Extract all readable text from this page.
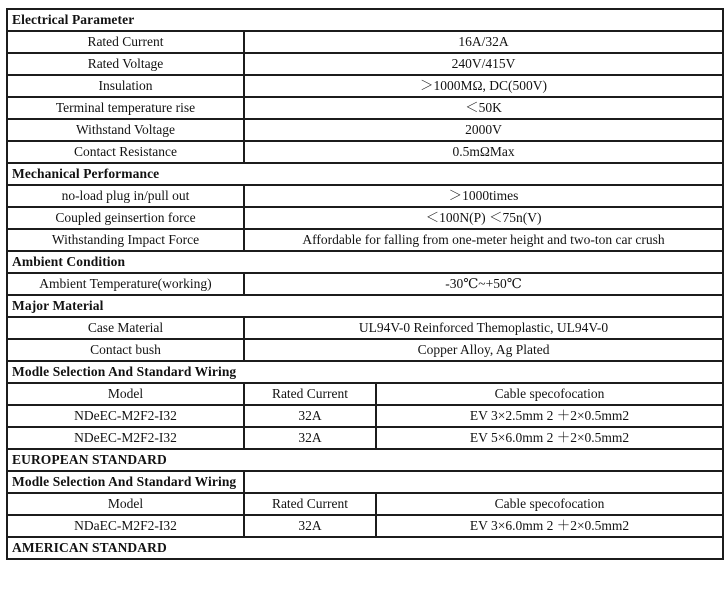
Electrical Parameter		
Rated Current	16A/32A	
Rated Voltage	240V/415V	
Insulation	＞1000MΩ, DC(500V)	
Terminal temperature rise	＜50K	
Withstand Voltage	2000V	
Contact Resistance	0.5mΩMax	
Mechanical Performance		
no-load plug in/pull out	＞1000times	
Coupled geinsertion force	＜100N(P) ＜75n(V)	
Withstanding Impact Force	Affordable for falling from one-meter height and two-ton car crush	
Ambient Condition		
Ambient Temperature(working)	-30℃~+50℃	
Major Material		
Case Material	UL94V-0 Reinforced Themoplastic, UL94V-0	
Contact bush	Copper Alloy, Ag Plated	
Modle Selection And Standard Wiring		
Model	Rated Current	Cable specofocation
NDeEC-M2F2-I32	32A	EV 3×2.5mm 2 ＋2×0.5mm2
NDeEC-M2F2-I32	32A	EV 5×6.0mm 2 ＋2×0.5mm2
EUROPEAN STANDARD		
Modle Selection And Standard Wiring		
Model	Rated Current	Cable specofocation
NDaEC-M2F2-I32	32A	EV 3×6.0mm 2 ＋2×0.5mm2
AMERICAN STANDARD		
